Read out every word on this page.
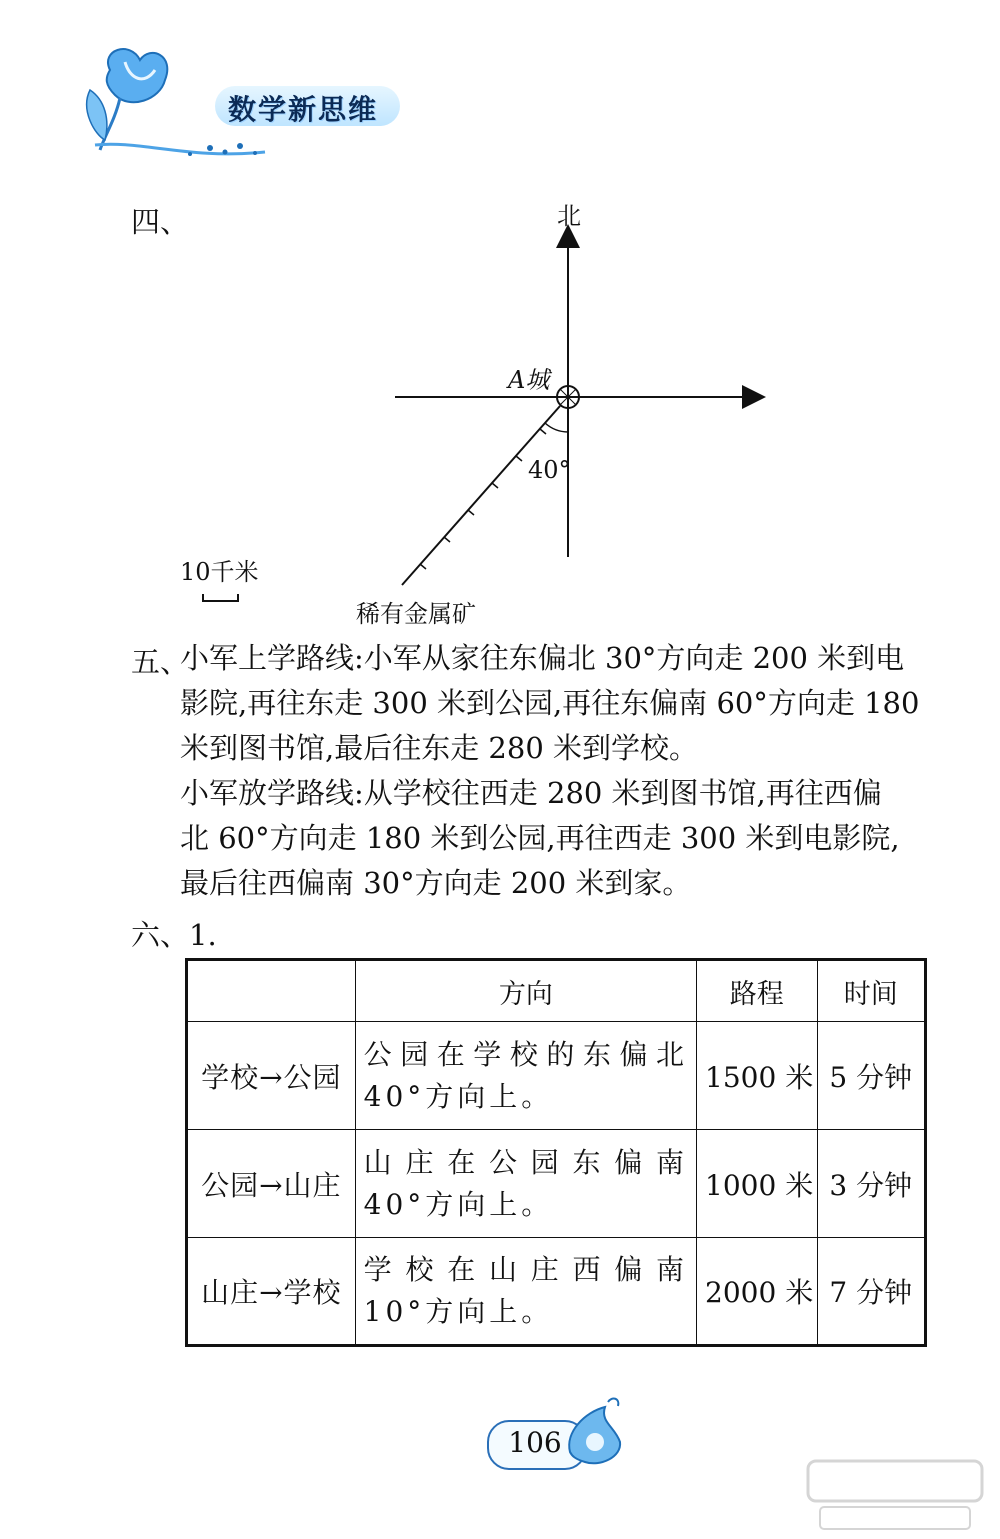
数学新思维
四、	北
A城
40°
10千米
稀有金属矿
五、
小军上学路线:小军从家往东偏北 30°方向走 200 米到电
影院,再往东走 300 米到公园,再往东偏南 60°方向走 180
米到图书馆,最后往东走 280 米到学校。
小军放学路线:从学校往西走 280 米到图书馆,再往西偏
北 60°方向走 180 米到公园,再往西走 300 米到电影院,
最后往西偏南 30°方向走 200 米到家。
六、1.
	方向	路程	时间
学校→公园	公园在学校的东偏北40°方向上。	1500 米	5 分钟
公园→山庄	山庄在公园东偏南 40°方向上。	1000 米	3 分钟
山庄→学校	学校在山庄西偏南 10°方向上。	2000 米	7 分钟
106
